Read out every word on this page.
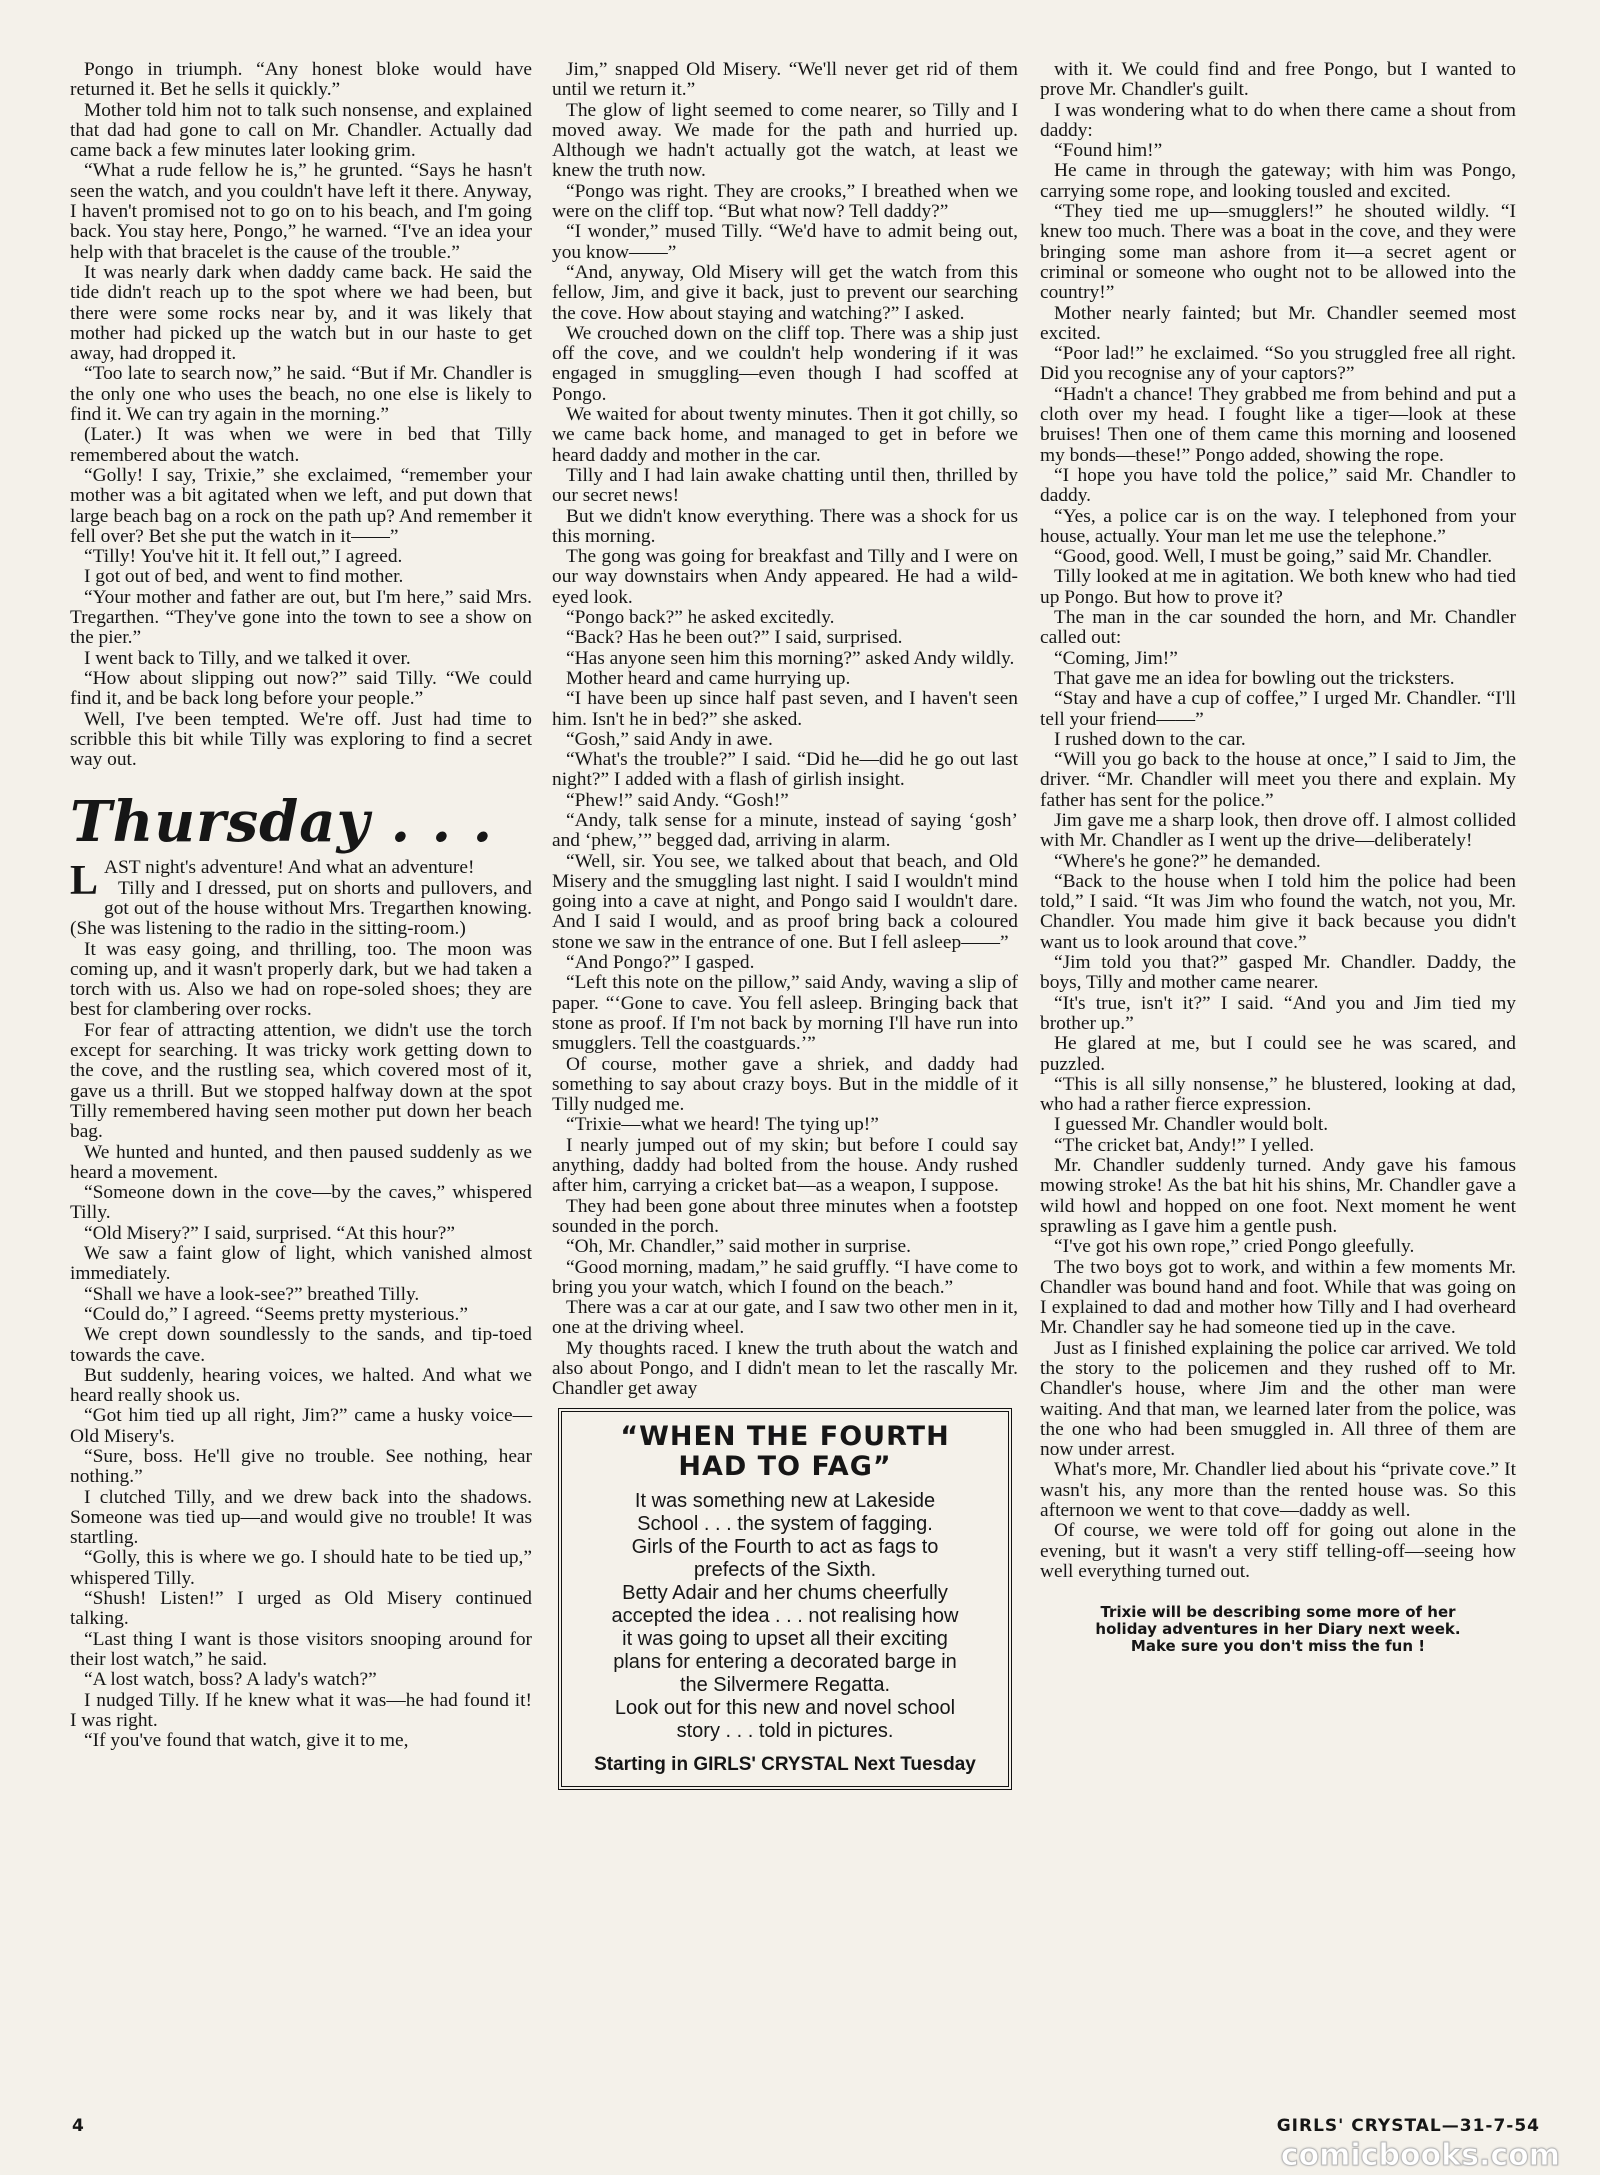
Pongo in triumph. “Any honest bloke would have returned it. Bet he sells it quickly.”

Mother told him not to talk such nonsense, and explained that dad had gone to call on Mr. Chandler. Actually dad came back a few minutes later looking grim.

“What a rude fellow he is,” he grunted. “Says he hasn't seen the watch, and you couldn't have left it there. Anyway, I haven't promised not to go on to his beach, and I'm going back. You stay here, Pongo,” he warned. “I've an idea your help with that bracelet is the cause of the trouble.”

It was nearly dark when daddy came back. He said the tide didn't reach up to the spot where we had been, but there were some rocks near by, and it was likely that mother had picked up the watch but in our haste to get away, had dropped it.

“Too late to search now,” he said. “But if Mr. Chandler is the only one who uses the beach, no one else is likely to find it. We can try again in the morning.”

(Later.) It was when we were in bed that Tilly remembered about the watch.

“Golly! I say, Trixie,” she exclaimed, “remember your mother was a bit agitated when we left, and put down that large beach bag on a rock on the path up? And remember it fell over? Bet she put the watch in it——”

“Tilly! You've hit it. It fell out,” I agreed.

I got out of bed, and went to find mother.

“Your mother and father are out, but I'm here,” said Mrs. Tregarthen. “They've gone into the town to see a show on the pier.”

I went back to Tilly, and we talked it over.

“How about slipping out now?” said Tilly. “We could find it, and be back long before your people.”

Well, I've been tempted. We're off. Just had time to scribble this bit while Tilly was exploring to find a secret way out.

Thursday . . .

LAST night's adventure! And what an adventure!

Tilly and I dressed, put on shorts and pullovers, and got out of the house without Mrs. Tregarthen knowing. (She was listening to the radio in the sitting-room.)

It was easy going, and thrilling, too. The moon was coming up, and it wasn't properly dark, but we had taken a torch with us. Also we had on rope-soled shoes; they are best for clambering over rocks.

For fear of attracting attention, we didn't use the torch except for searching. It was tricky work getting down to the cove, and the rustling sea, which covered most of it, gave us a thrill. But we stopped halfway down at the spot Tilly remembered having seen mother put down her beach bag.

We hunted and hunted, and then paused suddenly as we heard a movement.

“Someone down in the cove—by the caves,” whispered Tilly.

“Old Misery?” I said, surprised. “At this hour?”

We saw a faint glow of light, which vanished almost immediately.

“Shall we have a look-see?” breathed Tilly.

“Could do,” I agreed. “Seems pretty mysterious.”

We crept down soundlessly to the sands, and tip-toed towards the cave.

But suddenly, hearing voices, we halted. And what we heard really shook us.

“Got him tied up all right, Jim?” came a husky voice—Old Misery's.

“Sure, boss. He'll give no trouble. See nothing, hear nothing.”

I clutched Tilly, and we drew back into the shadows. Someone was tied up—and would give no trouble! It was startling.

“Golly, this is where we go. I should hate to be tied up,” whispered Tilly.

“Shush! Listen!” I urged as Old Misery continued talking.

“Last thing I want is those visitors snooping around for their lost watch,” he said.

“A lost watch, boss? A lady's watch?”

I nudged Tilly. If he knew what it was—he had found it! I was right.

“If you've found that watch, give it to me,

Jim,” snapped Old Misery. “We'll never get rid of them until we return it.”

The glow of light seemed to come nearer, so Tilly and I moved away. We made for the path and hurried up. Although we hadn't actually got the watch, at least we knew the truth now.

“Pongo was right. They are crooks,” I breathed when we were on the cliff top. “But what now? Tell daddy?”

“I wonder,” mused Tilly. “We'd have to admit being out, you know——”

“And, anyway, Old Misery will get the watch from this fellow, Jim, and give it back, just to prevent our searching the cove. How about staying and watching?” I asked.

We crouched down on the cliff top. There was a ship just off the cove, and we couldn't help wondering if it was engaged in smuggling—even though I had scoffed at Pongo.

We waited for about twenty minutes. Then it got chilly, so we came back home, and managed to get in before we heard daddy and mother in the car.

Tilly and I had lain awake chatting until then, thrilled by our secret news!

But we didn't know everything. There was a shock for us this morning.

The gong was going for breakfast and Tilly and I were on our way downstairs when Andy appeared. He had a wild-eyed look.

“Pongo back?” he asked excitedly.

“Back? Has he been out?” I said, surprised.

“Has anyone seen him this morning?” asked Andy wildly.

Mother heard and came hurrying up.

“I have been up since half past seven, and I haven't seen him. Isn't he in bed?” she asked.

“Gosh,” said Andy in awe.

“What's the trouble?” I said. “Did he—did he go out last night?” I added with a flash of girlish insight.

“Phew!” said Andy. “Gosh!”

“Andy, talk sense for a minute, instead of saying ‘gosh’ and ‘phew,’” begged dad, arriving in alarm.

“Well, sir. You see, we talked about that beach, and Old Misery and the smuggling last night. I said I wouldn't mind going into a cave at night, and Pongo said I wouldn't dare. And I said I would, and as proof bring back a coloured stone we saw in the entrance of one. But I fell asleep——”

“And Pongo?” I gasped.

“Left this note on the pillow,” said Andy, waving a slip of paper. “‘Gone to cave. You fell asleep. Bringing back that stone as proof. If I'm not back by morning I'll have run into smugglers. Tell the coastguards.’”

Of course, mother gave a shriek, and daddy had something to say about crazy boys. But in the middle of it Tilly nudged me.

“Trixie—what we heard! The tying up!”

I nearly jumped out of my skin; but before I could say anything, daddy had bolted from the house. Andy rushed after him, carrying a cricket bat—as a weapon, I suppose.

They had been gone about three minutes when a footstep sounded in the porch.

“Oh, Mr. Chandler,” said mother in surprise.

“Good morning, madam,” he said gruffly. “I have come to bring you your watch, which I found on the beach.”

There was a car at our gate, and I saw two other men in it, one at the driving wheel.

My thoughts raced. I knew the truth about the watch and also about Pongo, and I didn't mean to let the rascally Mr. Chandler get away

“WHEN THE FOURTH
HAD TO FAG”
It was something new at Lakeside
School . . . the system of fagging.
Girls of the Fourth to act as fags to
prefects of the Sixth.
Betty Adair and her chums cheerfully
accepted the idea . . . not realising how
it was going to upset all their exciting
plans for entering a decorated barge in
the Silvermere Regatta.
Look out for this new and novel school
story . . . told in pictures.
Starting in GIRLS' CRYSTAL Next Tuesday

with it. We could find and free Pongo, but I wanted to prove Mr. Chandler's guilt.

I was wondering what to do when there came a shout from daddy:

“Found him!”

He came in through the gateway; with him was Pongo, carrying some rope, and looking tousled and excited.

“They tied me up—smugglers!” he shouted wildly. “I knew too much. There was a boat in the cove, and they were bringing some man ashore from it—a secret agent or criminal or someone who ought not to be allowed into the country!”

Mother nearly fainted; but Mr. Chandler seemed most excited.

“Poor lad!” he exclaimed. “So you struggled free all right. Did you recognise any of your captors?”

“Hadn't a chance! They grabbed me from behind and put a cloth over my head. I fought like a tiger—look at these bruises! Then one of them came this morning and loosened my bonds—these!” Pongo added, showing the rope.

“I hope you have told the police,” said Mr. Chandler to daddy.

“Yes, a police car is on the way. I telephoned from your house, actually. Your man let me use the telephone.”

“Good, good. Well, I must be going,” said Mr. Chandler.

Tilly looked at me in agitation. We both knew who had tied up Pongo. But how to prove it?

The man in the car sounded the horn, and Mr. Chandler called out:

“Coming, Jim!”

That gave me an idea for bowling out the tricksters.

“Stay and have a cup of coffee,” I urged Mr. Chandler. “I'll tell your friend——”

I rushed down to the car.

“Will you go back to the house at once,” I said to Jim, the driver. “Mr. Chandler will meet you there and explain. My father has sent for the police.”

Jim gave me a sharp look, then drove off. I almost collided with Mr. Chandler as I went up the drive—deliberately!

“Where's he gone?” he demanded.

“Back to the house when I told him the police had been told,” I said. “It was Jim who found the watch, not you, Mr. Chandler. You made him give it back because you didn't want us to look around that cove.”

“Jim told you that?” gasped Mr. Chandler. Daddy, the boys, Tilly and mother came nearer.

“It's true, isn't it?” I said. “And you and Jim tied my brother up.”

He glared at me, but I could see he was scared, and puzzled.

“This is all silly nonsense,” he blustered, looking at dad, who had a rather fierce expression.

I guessed Mr. Chandler would bolt.

“The cricket bat, Andy!” I yelled.

Mr. Chandler suddenly turned. Andy gave his famous mowing stroke! As the bat hit his shins, Mr. Chandler gave a wild howl and hopped on one foot. Next moment he went sprawling as I gave him a gentle push.

“I've got his own rope,” cried Pongo gleefully.

The two boys got to work, and within a few moments Mr. Chandler was bound hand and foot. While that was going on I explained to dad and mother how Tilly and I had overheard Mr. Chandler say he had someone tied up in the cave.

Just as I finished explaining the police car arrived. We told the story to the policemen and they rushed off to Mr. Chandler's house, where Jim and the other man were waiting. And that man, we learned later from the police, was the one who had been smuggled in. All three of them are now under arrest.

What's more, Mr. Chandler lied about his “private cove.” It wasn't his, any more than the rented house was. So this afternoon we went to that cove—daddy as well.

Of course, we were told off for going out alone in the evening, but it wasn't a very stiff telling-off—seeing how well everything turned out.

Trixie will be describing some more of her
holiday adventures in her Diary next week.
Make sure you don't miss the fun !
4	GIRLS' CRYSTAL—31-7-54
comicbooks.com
